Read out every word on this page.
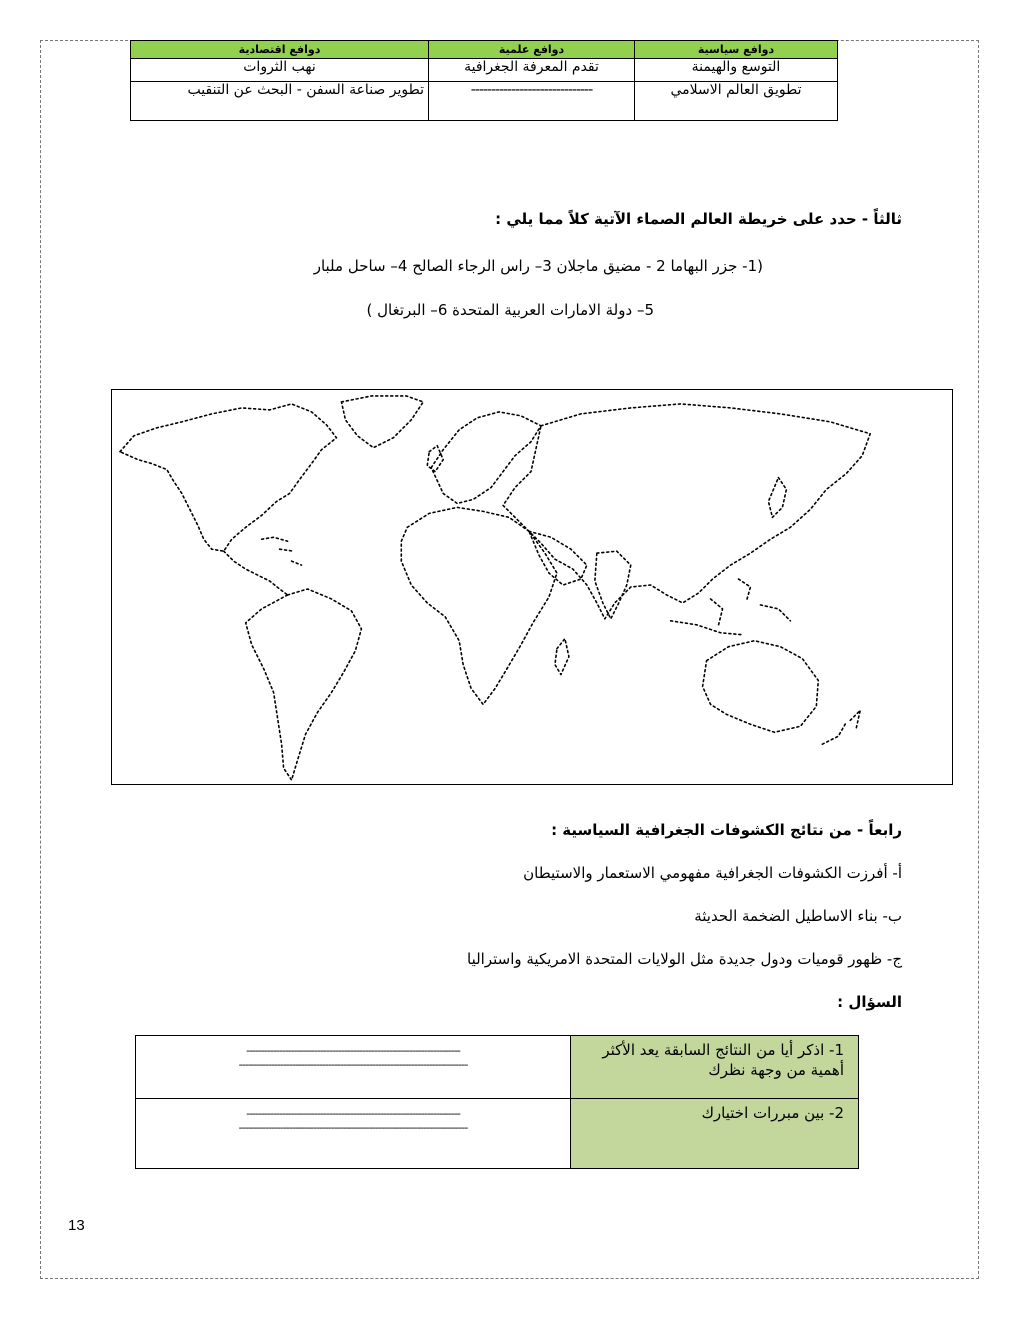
دوافع سياسية	دوافع علمية	دوافع اقتصادية
التوسع والهيمنة	تقدم المعرفة الجغرافية	نهب الثروات
تطويق العالم الاسلامي	------------------------------	تطوير صناعة السفن - البحث عن التنقيب
ثالثاً - حدد على خريطة العالم الصماء الآتية كلاً مما يلي :
(1- جزر البهاما 2 - مضيق ماجلان 3– راس الرجاء الصالح 4– ساحل ملبار
5– دولة الامارات العربية المتحدة 6– البرتغال )
رابعاً - من نتائج الكشوفات الجغرافية السياسية :
أ- أفرزت الكشوفات الجغرافية مفهومي الاستعمار والاستيطان
ب- بناء الاساطيل الضخمة الحديثة
ج- ظهور قوميات ودول جديدة مثل الولايات المتحدة الامريكية واستراليا
السؤال :
1- اذكر أيا من النتائج السابقة يعد الأكثر أهمية من وجهة نظرك	------------------------------------------------------------------------
-----------------------------------------------------------------------------

2- بين مبررات اختيارك	------------------------------------------------------------------------
-----------------------------------------------------------------------------
13
